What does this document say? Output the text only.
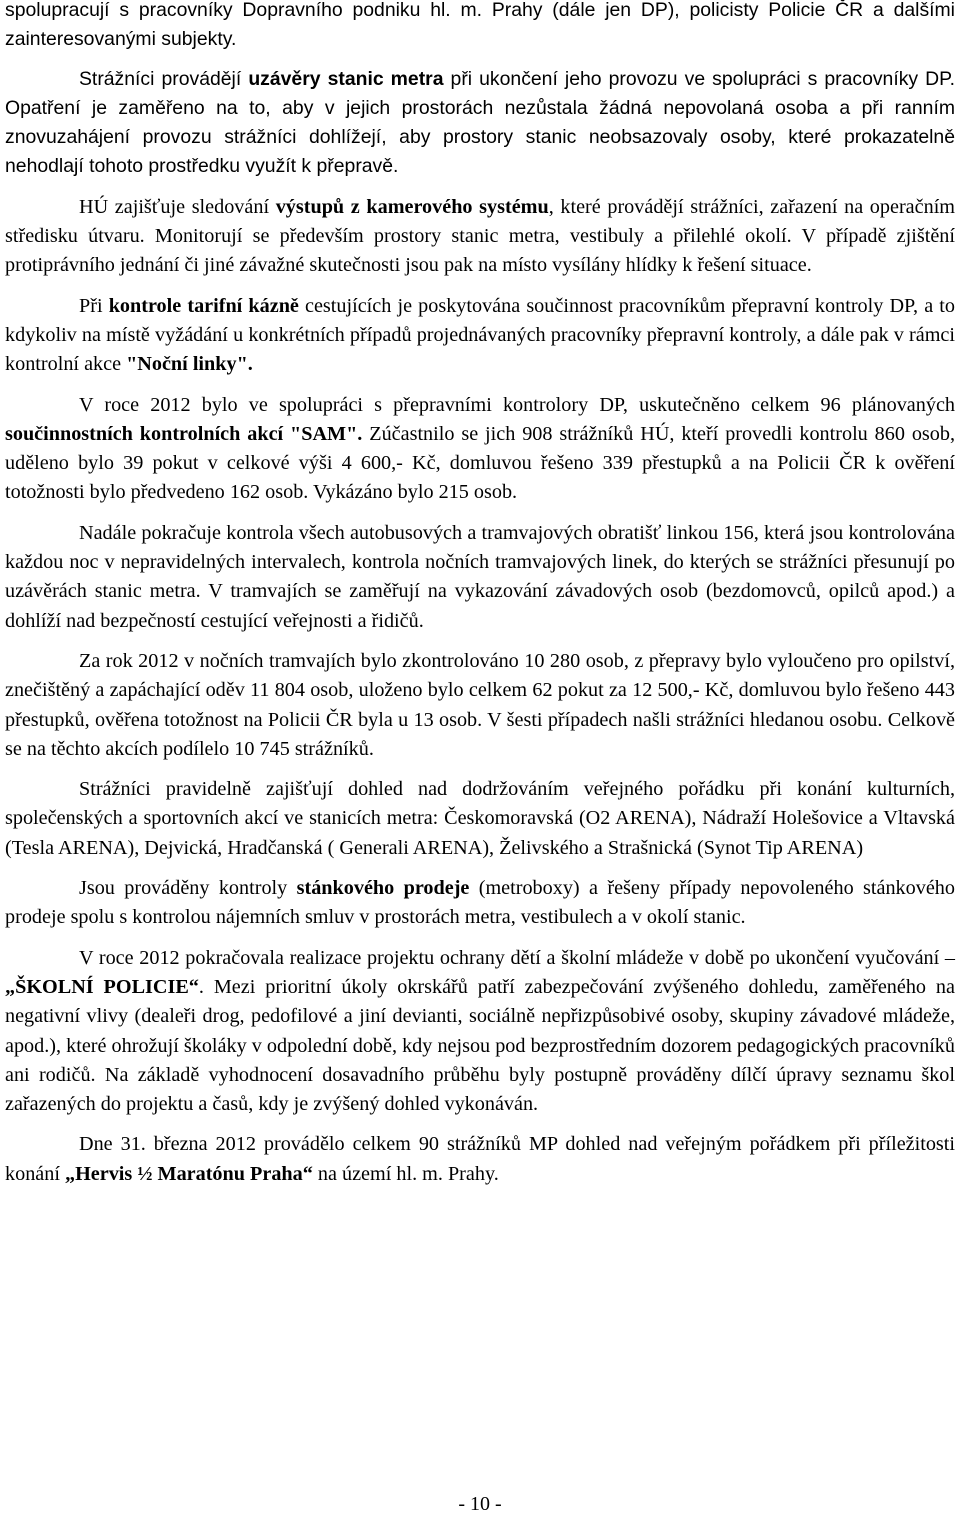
spolupracují s pracovníky Dopravního podniku hl. m. Prahy (dále jen DP), policisty Policie ČR a dalšími zainteresovanými subjekty.

Strážníci provádějí uzávěry stanic metra při ukončení jeho provozu ve spolupráci s pracovníky DP. Opatření je zaměřeno na to, aby v jejich prostorách nezůstala žádná nepovolaná osoba a při ranním znovuzahájení provozu strážníci dohlížejí, aby prostory stanic neobsazovaly osoby, které prokazatelně nehodlají tohoto prostředku využít k přepravě.

HÚ zajišťuje sledování výstupů z kamerového systému, které provádějí strážníci, zařazení na operačním středisku útvaru. Monitorují se především prostory stanic metra, vestibuly a přilehlé okolí. V případě zjištění protiprávního jednání či jiné závažné skutečnosti jsou pak na místo vysílány hlídky k řešení situace.

Při kontrole tarifní kázně cestujících je poskytována součinnost pracovníkům přepravní kontroly DP, a to kdykoliv na místě vyžádání u konkrétních případů projednávaných pracovníky přepravní kontroly, a dále pak v rámci kontrolní akce "Noční linky".

V roce 2012 bylo ve spolupráci s přepravními kontrolory DP, uskutečněno celkem 96 plánovaných součinnostních kontrolních akcí "SAM". Zúčastnilo se jich 908 strážníků HÚ, kteří provedli kontrolu 860 osob, uděleno bylo 39 pokut v celkové výši 4 600,- Kč, domluvou řešeno 339 přestupků a na Policii ČR k ověření totožnosti bylo předvedeno 162 osob. Vykázáno bylo 215 osob.

Nadále pokračuje kontrola všech autobusových a tramvajových obratišť linkou 156, která jsou kontrolována každou noc v nepravidelných intervalech, kontrola nočních tramvajových linek, do kterých se strážníci přesunují po uzávěrách stanic metra. V tramvajích se zaměřují na vykazování závadových osob (bezdomovců, opilců apod.) a dohlíží nad bezpečností cestující veřejnosti a řidičů.

Za rok 2012 v nočních tramvajích bylo zkontrolováno 10 280 osob, z přepravy bylo vyloučeno pro opilství, znečištěný a zapáchající oděv 11 804 osob, uloženo bylo celkem 62 pokut za 12 500,- Kč, domluvou bylo řešeno 443 přestupků, ověřena totožnost na Policii ČR byla u 13 osob. V šesti případech našli strážníci hledanou osobu. Celkově se na těchto akcích podílelo 10 745 strážníků.

Strážníci pravidelně zajišťují dohled nad dodržováním veřejného pořádku při konání kulturních, společenských a sportovních akcí ve stanicích metra: Českomoravská (O2 ARENA), Nádraží Holešovice a Vltavská (Tesla ARENA), Dejvická, Hradčanská ( Generali ARENA), Želivského a Strašnická (Synot Tip ARENA)

Jsou prováděny kontroly stánkového prodeje (metroboxy) a řešeny případy nepovoleného stánkového prodeje spolu s kontrolou nájemních smluv v prostorách metra, vestibulech a v okolí stanic.

V roce 2012 pokračovala realizace projektu ochrany dětí a školní mládeže v době po ukončení vyučování – „ŠKOLNÍ POLICIE“. Mezi prioritní úkoly okrskářů patří zabezpečování zvýšeného dohledu, zaměřeného na negativní vlivy (dealeři drog, pedofilové a jiní devianti, sociálně nepřizpůsobivé osoby, skupiny závadové mládeže, apod.), které ohrožují školáky v odpolední době, kdy nejsou pod bezprostředním dozorem pedagogických pracovníků ani rodičů. Na základě vyhodnocení dosavadního průběhu byly postupně prováděny dílčí úpravy seznamu škol zařazených do projektu a časů, kdy je zvýšený dohled vykonáván.

Dne 31. března 2012 provádělo celkem 90 strážníků MP dohled nad veřejným pořádkem při příležitosti konání „Hervis ½ Maratónu Praha“ na území hl. m. Prahy.

- 10 -
